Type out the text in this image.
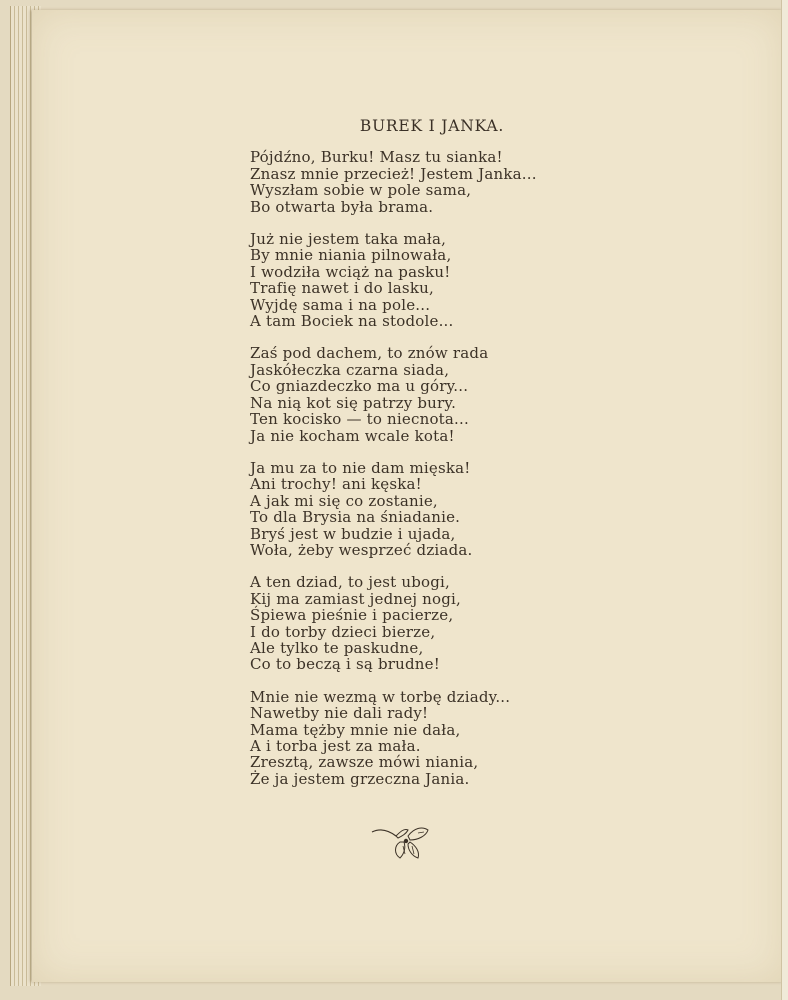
BUREK I JANKA.
Pójdźno, Burku! Masz tu sianka!
Znasz mnie przecież! Jestem Janka...
Wyszłam sobie w pole sama,
Bo otwarta była brama.
Już nie jestem taka mała,
By mnie niania pilnowała,
I wodziła wciąż na pasku!
Trafię nawet i do lasku,
Wyjdę sama i na pole...
A tam Bociek na stodole...
Zaś pod dachem, to znów rada
Jaskółeczka czarna siada,
Co gniazdeczko ma u góry...
Na nią kot się patrzy bury.
Ten kocisko — to niecnota...
Ja nie kocham wcale kota!
Ja mu za to nie dam mięska!
Ani trochy! ani kęska!
A jak mi się co zostanie,
To dla Brysia na śniadanie.
Bryś jest w budzie i ujada,
Woła, żeby wesprzeć dziada.
A ten dziad, to jest ubogi,
Kij ma zamiast jednej nogi,
Śpiewa pieśnie i pacierze,
I do torby dzieci bierze,
Ale tylko te paskudne,
Co to beczą i są brudne!
Mnie nie wezmą w torbę dziady...
Nawetby nie dali rady!
Mama tężby mnie nie dała,
A i torba jest za mała.
Zresztą, zawsze mówi niania,
Że ja jestem grzeczna Jania.
